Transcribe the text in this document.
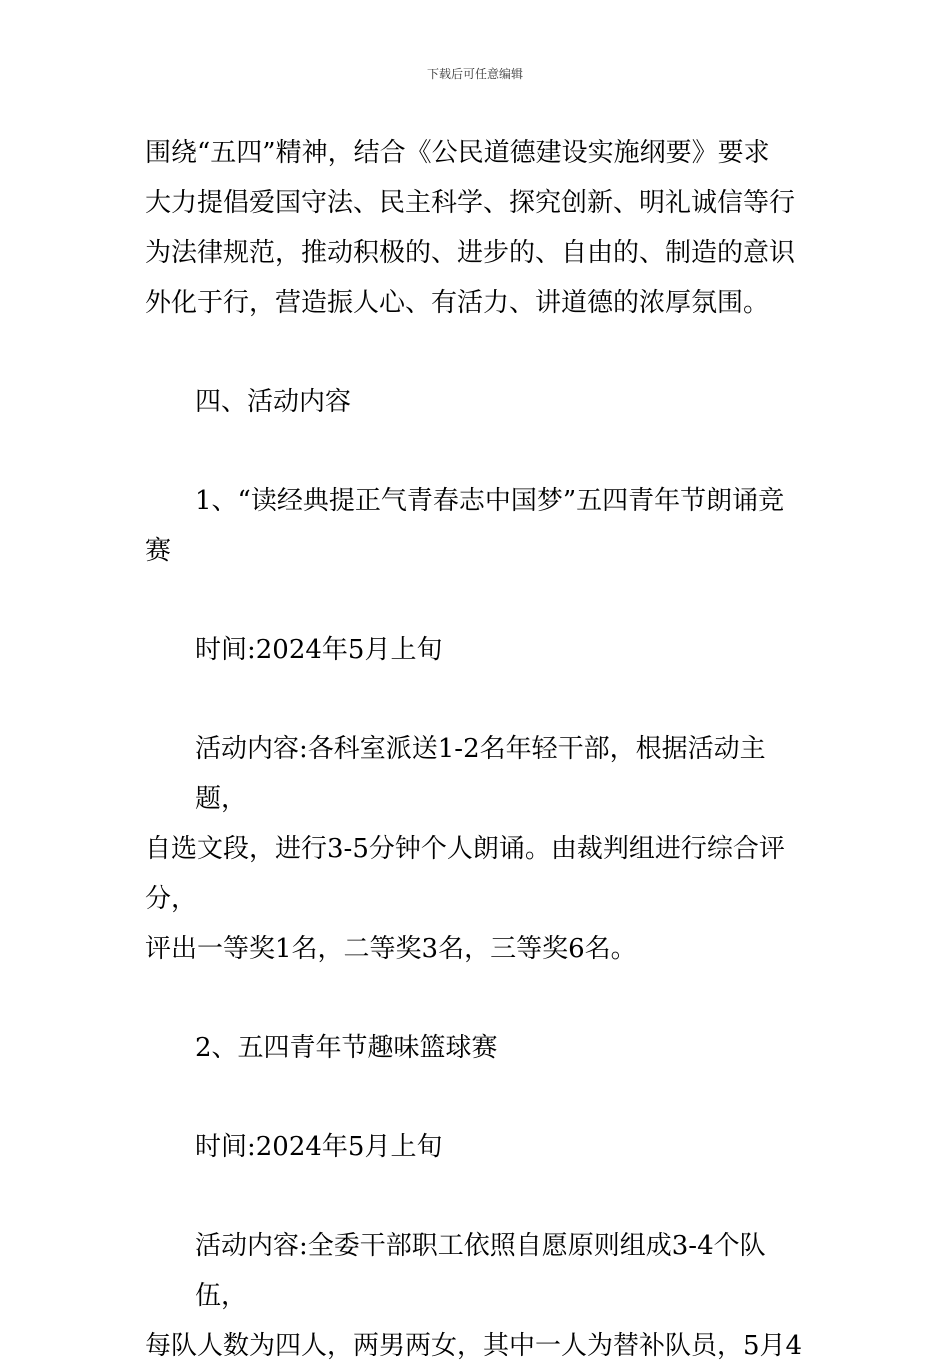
下载后可任意编辑

围绕“五四”精神，结合《公民道德建设实施纲要》要求

大力提倡爱国守法、民主科学、探究创新、明礼诚信等行

为法律规范，推动积极的、进步的、自由的、制造的意识

外化于行，营造振人心、有活力、讲道德的浓厚氛围。

四、活动内容

1、“读经典提正气青春志中国梦”五四青年节朗诵竞

赛

时间:2024年5月上旬

活动内容:各科室派送1-2名年轻干部，根据活动主题，

自选文段，进行3-5分钟个人朗诵。由裁判组进行综合评分，

评出一等奖1名，二等奖3名，三等奖6名。

2、五四青年节趣味篮球赛

时间:2024年5月上旬

活动内容:全委干部职工依照自愿原则组成3-4个队伍，

每队人数为四人，两男两女，其中一人为替补队员，5月4
